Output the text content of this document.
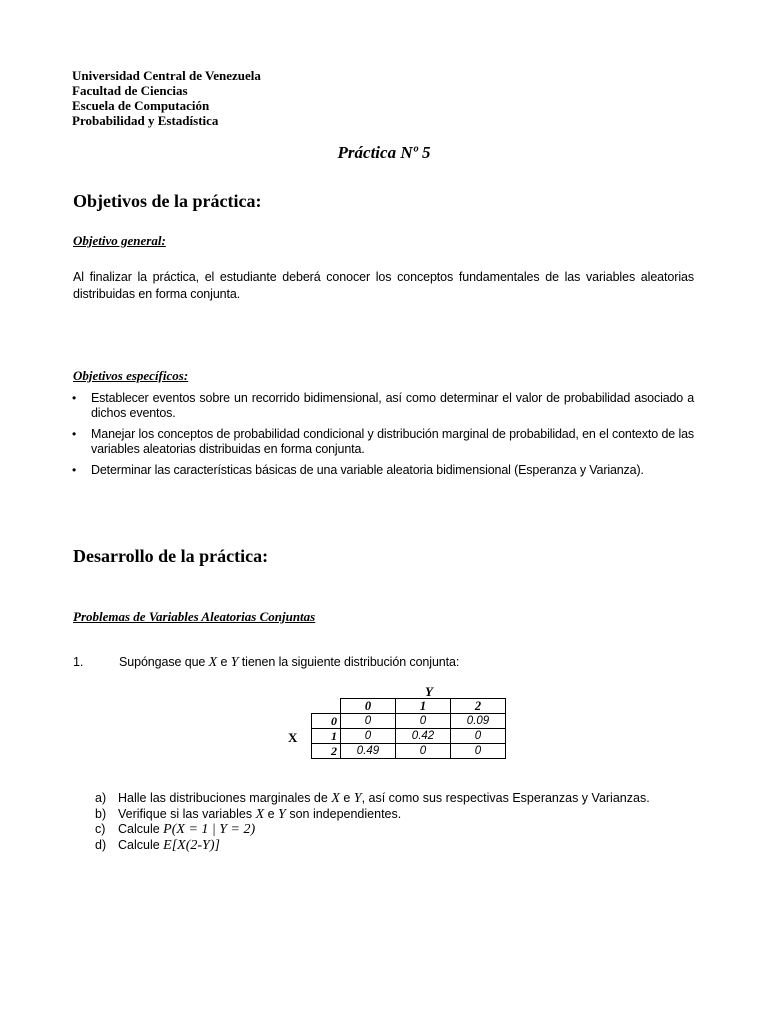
Universidad Central de Venezuela
Facultad de Ciencias
Escuela de Computación
Probabilidad y Estadística
Práctica Nº 5
Objetivos de la práctica:
Objetivo general:
Al finalizar la práctica, el estudiante deberá conocer los conceptos fundamentales de las variables aleatorias distribuidas en forma conjunta.
Objetivos específicos:
• Establecer eventos sobre un recorrido bidimensional, así como determinar el valor de probabilidad asociado a dichos eventos.
• Manejar los conceptos de probabilidad condicional y distribución marginal de probabilidad, en el contexto de las variables aleatorias distribuidas en forma conjunta.
• Determinar las características básicas de una variable aleatoria bidimensional (Esperanza y Varianza).
Desarrollo de la práctica:
Problemas de Variables Aleatorias Conjuntas
1.	Supóngase que X e Y tienen la siguiente distribución conjunta:
Y
X
	0	1	2
0	0	0	0.09
1	0	0.42	0
2	0.49	0	0
a) Halle las distribuciones marginales de X e Y, así como sus respectivas Esperanzas y Varianzas.
b) Verifique si las variables X e Y son independientes.
c) Calcule P(X = 1 | Y = 2)
d) Calcule E[X(2-Y)]
